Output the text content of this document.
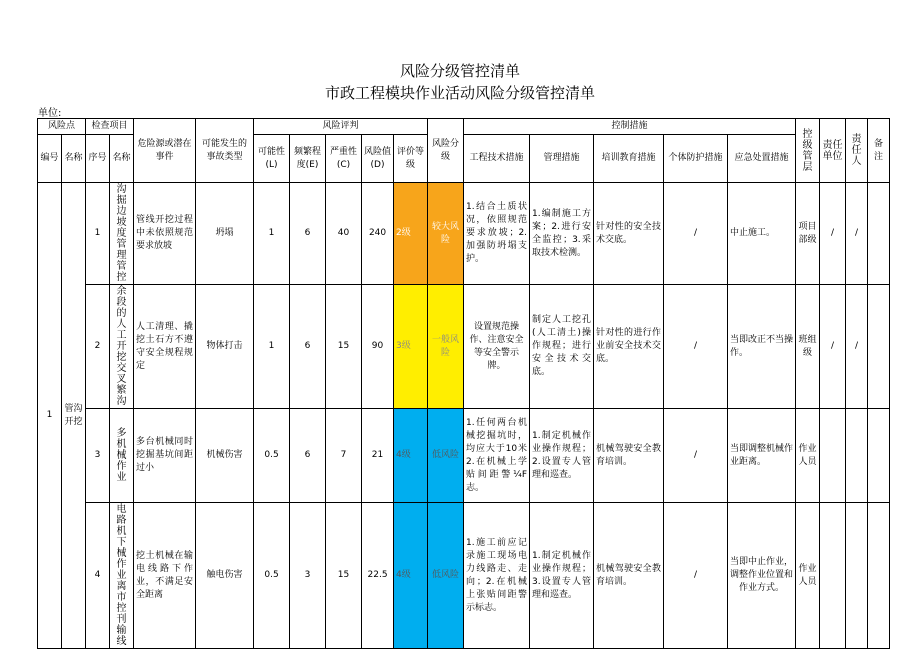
风险分级管控清单
市政工程模块作业活动风险分级管控清单
单位:
风险点		检查项目		危险源或潜在事件	可能发生的事故类型	风险评判					风险分级	控制措施					控级管层	责任单位	责任人	备注
编号	名称	序号	名称			可能性(L)	频繁程度(E)	严重性(C)	风险值(D)	评价等级		工程技术措施	管理措施	培训教育措施	个体防护措施	应急处置措施				
1	管沟开挖	1	沟掘边坡度管理管控	管线开挖过程中未依照规范要求放坡	坍塌	1	6	40	240	2级	较大风险	1.结合土质状况，依照规范要求放坡；2.加强防坍塌支护。	1.编制施工方案；2.进行安全监控；3.采取技术检测。	针对性的安全技术交底。	/	中止施工。	项目部级	/	/	
		2	余段的人工开挖交叉繁沟	人工清理、撬挖土石方不遵守安全规程规定	物体打击	1	6	15	90	3级	一般风险	设置规范操作、注意安全等安全警示牌。	制定人工挖孔(人工清土)操作规程；进行安全技术交底。	针对性的进行作业前安全技术交底。	/	当即改正不当操作。	班组级	/	/	
		3	多机械作业	多台机械同时挖掘基坑间距过小	机械伤害	0.5	6	7	21	4级	低风险	1.任何两台机械挖掘坑时，均应大于10米 2.在机械上学贴间距警¼F志。	1.制定机械作业操作规程；2.设置专人管理和巡查。	机械驾驶安全教育培训。	/	当即调整机械作业距离。	作业人员			
		4	电路机下械作业离市控刊输线	挖土机械在输电线路下作业，不满足安全距离	触电伤害	0.5	3	15	22.5	4级	低风险	1.施工前应记录施工现场电力线路走、走向；2.在机械上张贴间距警示标志。	1.制定机械作业操作规程；3.设置专人管理和巡查。	机械驾驶安全教育培训。	/	当即中止作业，调整作业位置和作业方式。	作业人员			
